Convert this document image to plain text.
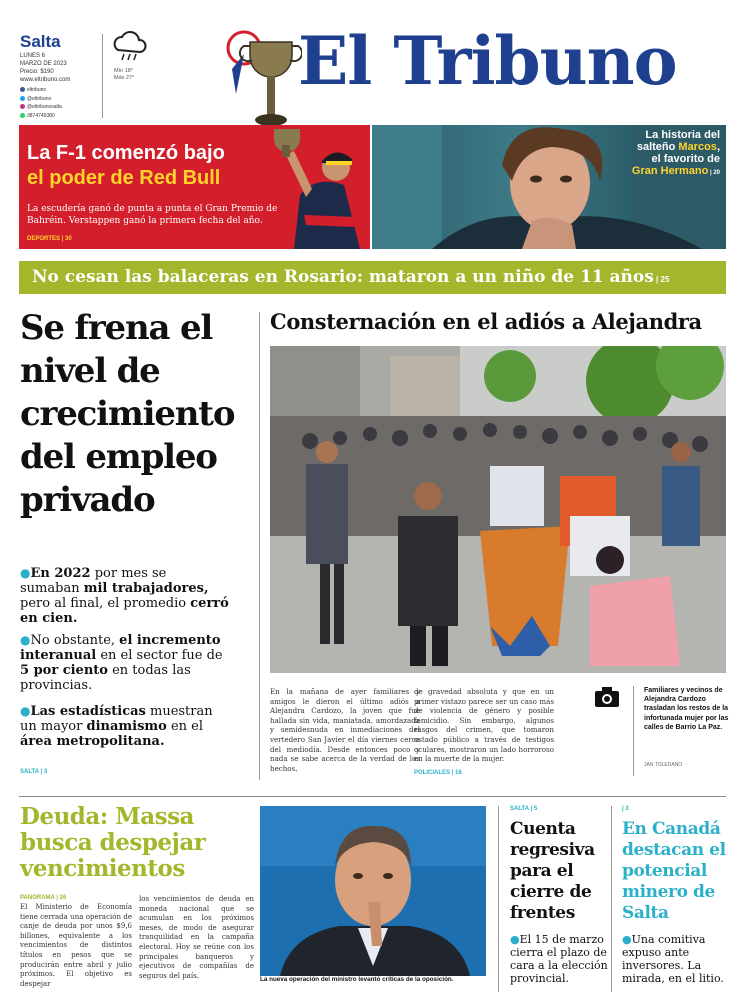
Salta
LUNES 6
MARZO DE 2023
Precio: $190
www.eltribuno.com
eltribuno
@eltribuno
@eltribunosalta
3874749380
Mín 18°
Máx 27° El Tribuno
La F-1 comenzó bajo
el poder de Red Bull
La escudería ganó de punta a punta el Gran Premio de Bahréin. Verstappen ganó la primera fecha del año.
DEPORTES | 30
La historia del
salteño Marcos,
el favorito de
Gran Hermano | 20
No cesan las balaceras en Rosario: mataron a un niño de 11 años | 25
Se frena el nivel de crecimiento del empleo privado
●En 2022 por mes se sumaban mil trabajadores, pero al final, el promedio cerró en cien.
●No obstante, el incremento interanual en el sector fue de 5 por ciento en todas las provincias.
●Las estadísticas muestran un mayor dinamismo en el área metropolitana.
SALTA | 3
Consternación en el adiós a Alejandra
En la mañana de ayer familiares y amigos le dieron el último adiós a Alejandra Cardozo, la joven que fue hallada sin vida, maniatada, amordazada y semidesnuda en inmediaciones del vertedero San Javier el día viernes cerca del mediodía. Desde entonces poco y nada se sabe acerca de la verdad de los hechos,
de gravedad absoluta y que en un primer vistazo parece ser un caso más de violencia de género y posible femicidio. Sin embargo, algunos rasgos del crimen, que tomaron estado público a través de testigos oculares, mostraron un lado horroroso en la muerte de la mujer.
POLICIALES | 16
Familiares y vecinos de Alejandra Cardozo trasladan los restos de la infortunada mujer por las calles de Barrio La Paz.
JAN TOLEDANO
Deuda: Massa busca despejar vencimientos
PANORAMA | 26
El Ministerio de Economía tiene cerrada una operación de canje de deuda por unos $9,6 billones, equivalente a los vencimientos de distintos títulos en pesos que se producirán entre abril y julio próximos. El objetivo es despejar
los vencimientos de deuda en moneda nacional que se acumulan en los próximos meses, de modo de asegurar tranquilidad en la campaña electoral. Hoy se reúne con los principales banqueros y ejecutivos de compañías de seguros del país.	La nueva operación del ministro levantó críticas de la oposición.
SALTA | 5
Cuenta regresiva para el cierre de frentes
●El 15 de marzo cierra el plazo de cara a la elección provincial.
| 3
En Canadá destacan el potencial minero de Salta
●Una comitiva expuso ante inversores. La mirada, en el litio.
